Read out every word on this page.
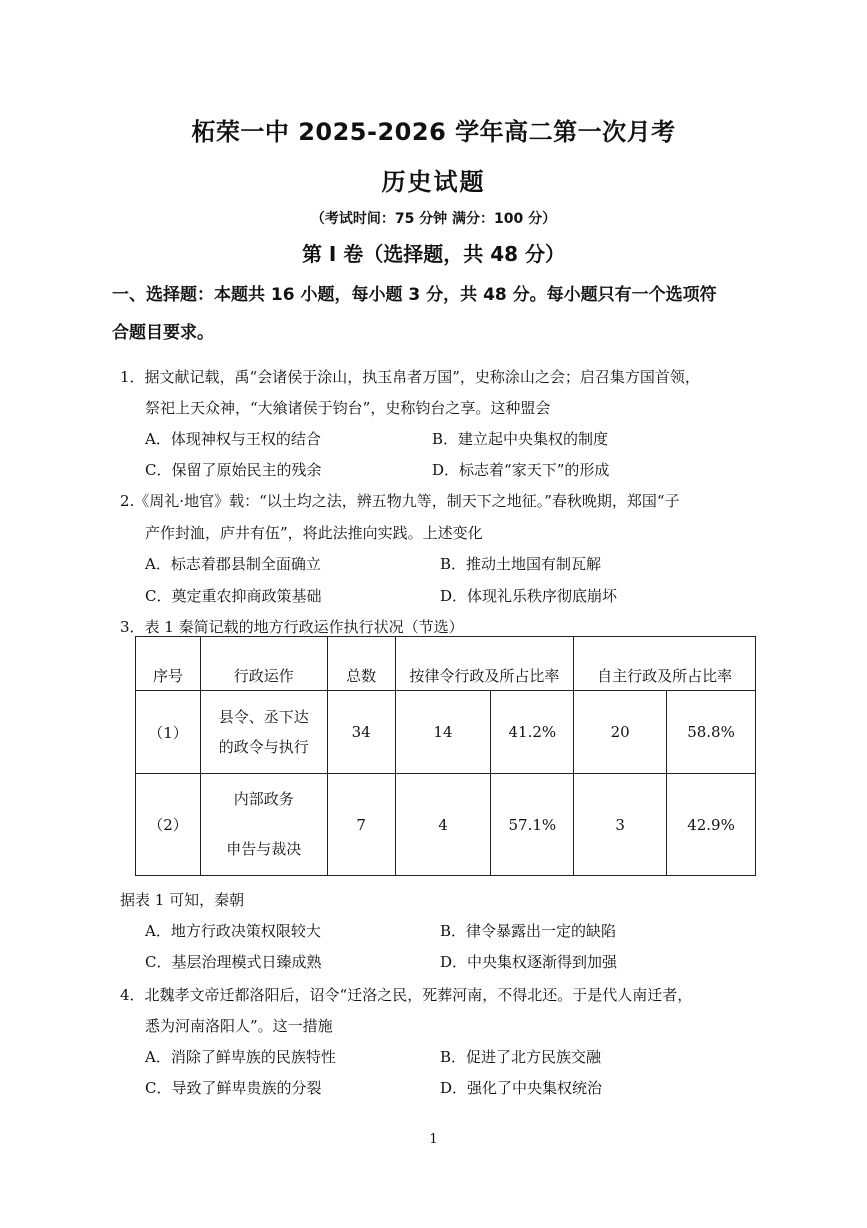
柘荣一中 2025-2026 学年高二第一次月考
历史试题
（考试时间：75 分钟 满分：100 分）
第 I 卷（选择题，共 48 分）
一、选择题：本题共 16 小题，每小题 3 分，共 48 分。每小题只有一个选项符
合题目要求。
1．据文献记载，禹“会诸侯于涂山，执玉帛者万国”，史称涂山之会；启召集方国首领，
祭祀上天众神，“大飨诸侯于钧台”，史称钧台之享。这种盟会
A．体现神权与王权的结合	B．建立起中央集权的制度
C．保留了原始民主的残余	D．标志着“家天下”的形成
2.《周礼·地官》载：“以土均之法，辨五物九等，制天下之地征。”春秋晚期，郑国“子
产作封洫，庐井有伍”，将此法推向实践。上述变化
A．标志着郡县制全面确立	B．推动土地国有制瓦解
C．奠定重农抑商政策基础	D．体现礼乐秩序彻底崩坏
3．表 1 秦简记载的地方行政运作执行状况（节选）
序号	行政运作	总数	按律令行政及所占比率		自主行政及所占比率	
（1）	县令、丞下达
的政令与执行	34	14	41.2%	20	58.8%
（2）	内部政务
申告与裁决	7	4	57.1%	3	42.9%
据表 1 可知，秦朝
A．地方行政决策权限较大	B．律令暴露出一定的缺陷
C．基层治理模式日臻成熟	D．中央集权逐渐得到加强
4．北魏孝文帝迁都洛阳后，诏令“迁洛之民，死葬河南，不得北还。于是代人南迁者，
悉为河南洛阳人”。这一措施
A．消除了鲜卑族的民族特性	B．促进了北方民族交融
C．导致了鲜卑贵族的分裂	D．强化了中央集权统治
1
